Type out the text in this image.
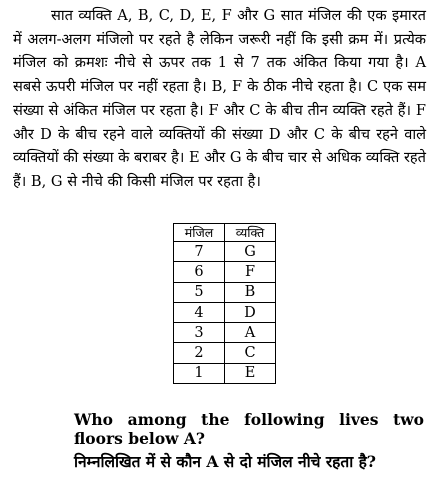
सात व्यक्ति A, B, C, D, E, F और G सात मंजिल की एक इमारत में अलग-अलग मंजिलो पर रहते है लेकिन जरूरी नहीं कि इसी क्रम में। प्रत्येक मंजिल को क्रमशः नीचे से ऊपर तक 1 से 7 तक अंकित किया गया है। A सबसे ऊपरी मंजिल पर नहीं रहता है। B, F के ठीक नीचे रहता है। C एक सम संख्या से अंकित मंजिल पर रहता है। F और C के बीच तीन व्यक्ति रहते हैं। F और D के बीच रहने वाले व्यक्तियों की संख्या D और C के बीच रहने वाले व्यक्तियों की संख्या के बराबर है। E और G के बीच चार से अधिक व्यक्ति रहते हैं। B, G से नीचे की किसी मंजिल पर रहता है।

मंजिल	व्यक्ति
7	G
6	F
5	B
4	D
3	A
2	C
1	E

Who among the following lives two floors below A?

निम्नलिखित में से कौन A से दो मंजिल नीचे रहता है?
